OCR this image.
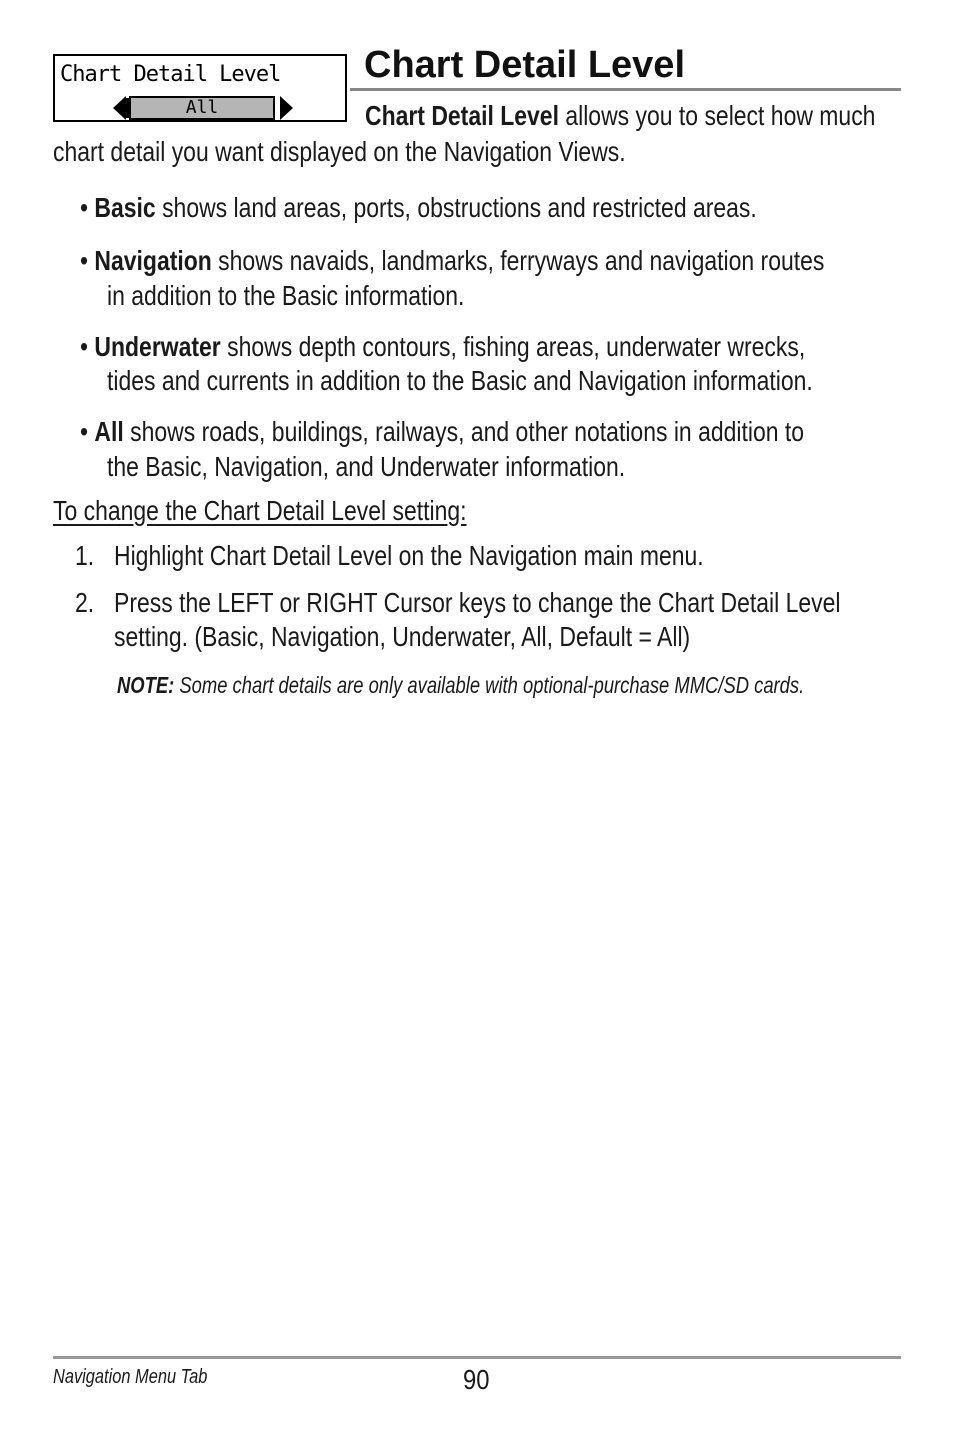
Chart Detail Level
All
Chart Detail Level
Chart Detail Level allows you to select how much
chart detail you want displayed on the Navigation Views.
• Basic shows land areas, ports, obstructions and restricted areas.
• Navigation shows navaids, landmarks, ferryways and navigation routes
in addition to the Basic information.
• Underwater shows depth contours, fishing areas, underwater wrecks,
tides and currents in addition to the Basic and Navigation information.
• All shows roads, buildings, railways, and other notations in addition to
the Basic, Navigation, and Underwater information.
To change the Chart Detail Level setting:
1. Highlight Chart Detail Level on the Navigation main menu.
2. Press the LEFT or RIGHT Cursor keys to change the Chart Detail Level
setting. (Basic, Navigation, Underwater, All, Default = All)
NOTE: Some chart details are only available with optional-purchase MMC/SD cards.
Navigation Menu Tab	90
